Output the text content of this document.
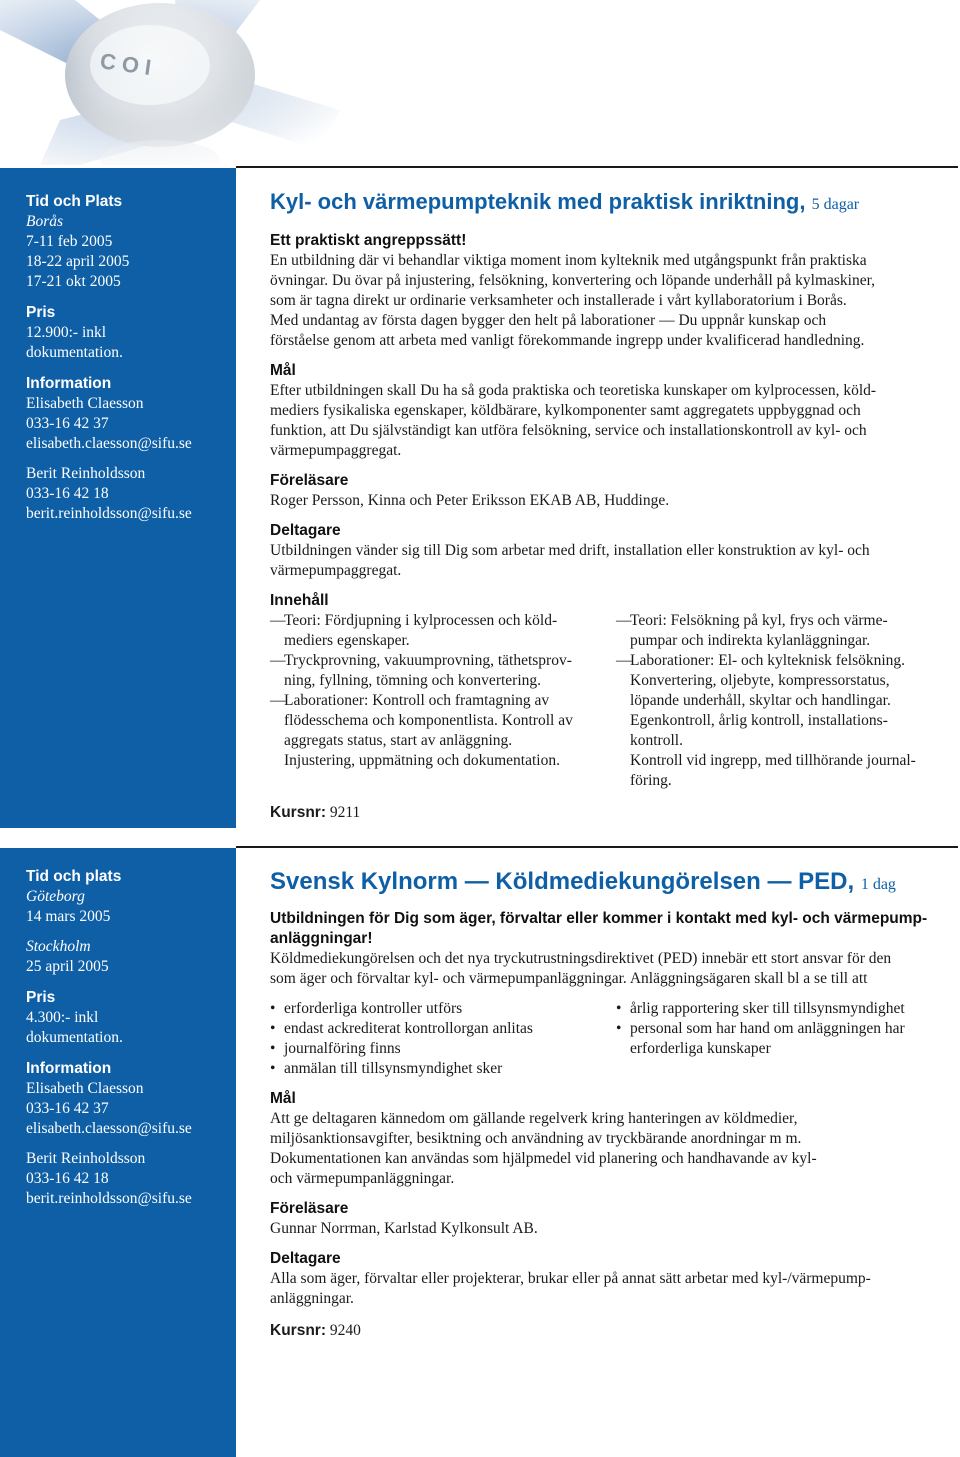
COI
Tid och Plats
Borås
7-11 feb 2005
18-22 april 2005
17-21 okt 2005
Pris
12.900:- inkl
dokumentation.
Information
Elisabeth Claesson
033-16 42 37
elisabeth.claesson@sifu.se
Berit Reinholdsson
033-16 42 18
berit.reinholdsson@sifu.se
Kyl- och värmepumpteknik med praktisk inriktning, 5 dagar
Ett praktiskt angreppssätt!

En utbildning där vi behandlar viktiga moment inom kylteknik med utgångspunkt från praktiska

övningar. Du övar på injustering, felsökning, konvertering och löpande underhåll på kylmaskiner,

som är tagna direkt ur ordinarie verksamheter och installerade i vårt kyllaboratorium i Borås.

Med undantag av första dagen bygger den helt på laborationer — Du uppnår kunskap och

förståelse genom att arbeta med vanligt förekommande ingrepp under kvalificerad handledning.

Mål

Efter utbildningen skall Du ha så goda praktiska och teoretiska kunskaper om kylprocessen, köld-

mediers fysikaliska egenskaper, köldbärare, kylkomponenter samt aggregatets uppbyggnad och

funktion, att Du självständigt kan utföra felsökning, service och installationskontroll av kyl- och

värmepumpaggregat.

Föreläsare

Roger Persson, Kinna och Peter Eriksson EKAB AB, Huddinge.

Deltagare

Utbildningen vänder sig till Dig som arbetar med drift, installation eller konstruktion av kyl- och

värmepumpaggregat.

Innehåll
—Teori: Fördjupning i kylprocessen och köld-
mediers egenskaper.
—Tryckprovning, vakuumprovning, täthetsprov-
ning, fyllning, tömning och konvertering.
—Laborationer: Kontroll och framtagning av
flödesschema och komponentlista. Kontroll av
aggregats status, start av anläggning.
Injustering, uppmätning och dokumentation.
—Teori: Felsökning på kyl, frys och värme-
pumpar och indirekta kylanläggningar.
—Laborationer: El- och kylteknisk felsökning.
Konvertering, oljebyte, kompressorstatus,
löpande underhåll, skyltar och handlingar.
Egenkontroll, årlig kontroll, installations-
kontroll.
Kontroll vid ingrepp, med tillhörande journal-
föring.
Kursnr: 9211
Tid och plats
Göteborg
14 mars 2005
Stockholm
25 april 2005
Pris
4.300:- inkl
dokumentation.
Information
Elisabeth Claesson
033-16 42 37
elisabeth.claesson@sifu.se
Berit Reinholdsson
033-16 42 18
berit.reinholdsson@sifu.se
Svensk Kylnorm — Köldmediekungörelsen — PED, 1 dag
Utbildningen för Dig som äger, förvaltar eller kommer i kontakt med kyl- och värmepump-
anläggningar!

Köldmediekungörelsen och det nya tryckutrustningsdirektivet (PED) innebär ett stort ansvar för den

som äger och förvaltar kyl- och värmepumpanläggningar. Anläggningsägaren skall bl a se till att

•erforderliga kontroller utförs
•endast ackrediterat kontrollorgan anlitas
•journalföring finns
•anmälan till tillsynsmyndighet sker
•årlig rapportering sker till tillsynsmyndighet
•personal som har hand om anläggningen har
erforderliga kunskaper
Mål

Att ge deltagaren kännedom om gällande regelverk kring hanteringen av köldmedier,

miljösanktionsavgifter, besiktning och användning av tryckbärande anordningar m m.

Dokumentationen kan användas som hjälpmedel vid planering och handhavande av kyl-

och värmepumpanläggningar.

Föreläsare

Gunnar Norrman, Karlstad Kylkonsult AB.

Deltagare

Alla som äger, förvaltar eller projekterar, brukar eller på annat sätt arbetar med kyl-/värmepump-

anläggningar.

Kursnr: 9240
